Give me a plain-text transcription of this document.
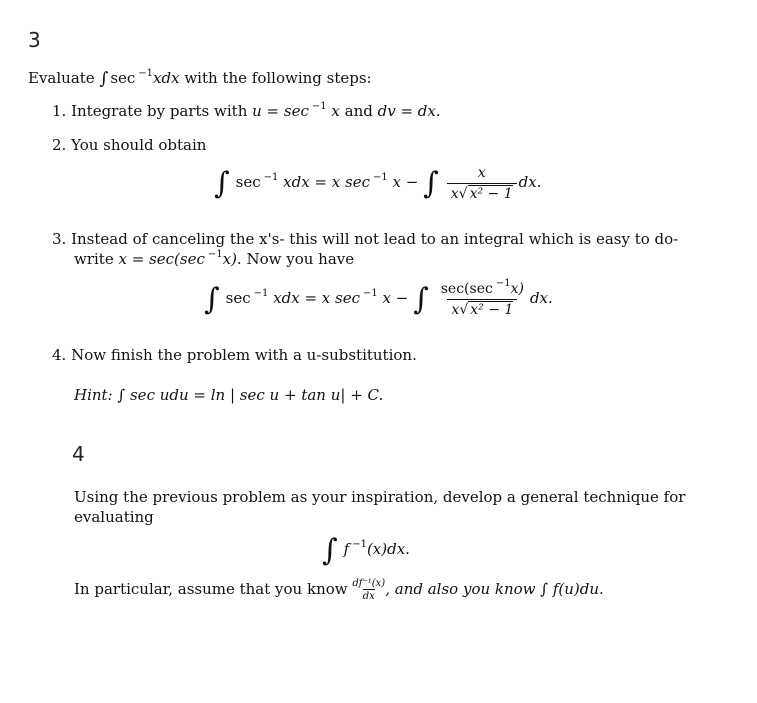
3
Evaluate ∫ sec $^{-1}$xdx with the following steps:
1. Integrate by parts with u = sec $^{-1}$ x and dv = dx.
2. You should obtain
∫ sec $^{-1}$ xdx = x sec $^{-1}$ x − ∫ $\frac{x}{\text{x√ x² − 1}}$ dx.
3. Instead of canceling the x's- this will not lead to an integral which is easy to do-
write x = sec(sec $^{-1}$x). Now you have
∫ sec $^{-1}$ xdx = x sec $^{-1}$ x − ∫ $\frac{\sec(\sec ^{-1}x)}{\text{x√ x² − 1}}$ dx.
4. Now finish the problem with a u-substitution.
Hint: ∫ sec udu = ln | sec u + tan u| + C.
4
Using the previous problem as your inspiration, develop a general technique for
evaluating
∫ f $^{-1}$(x)dx.
In particular, assume that you know $\frac{\text{df⁻¹(x)}}{dx}$ , and also you know ∫ f(u)du.
